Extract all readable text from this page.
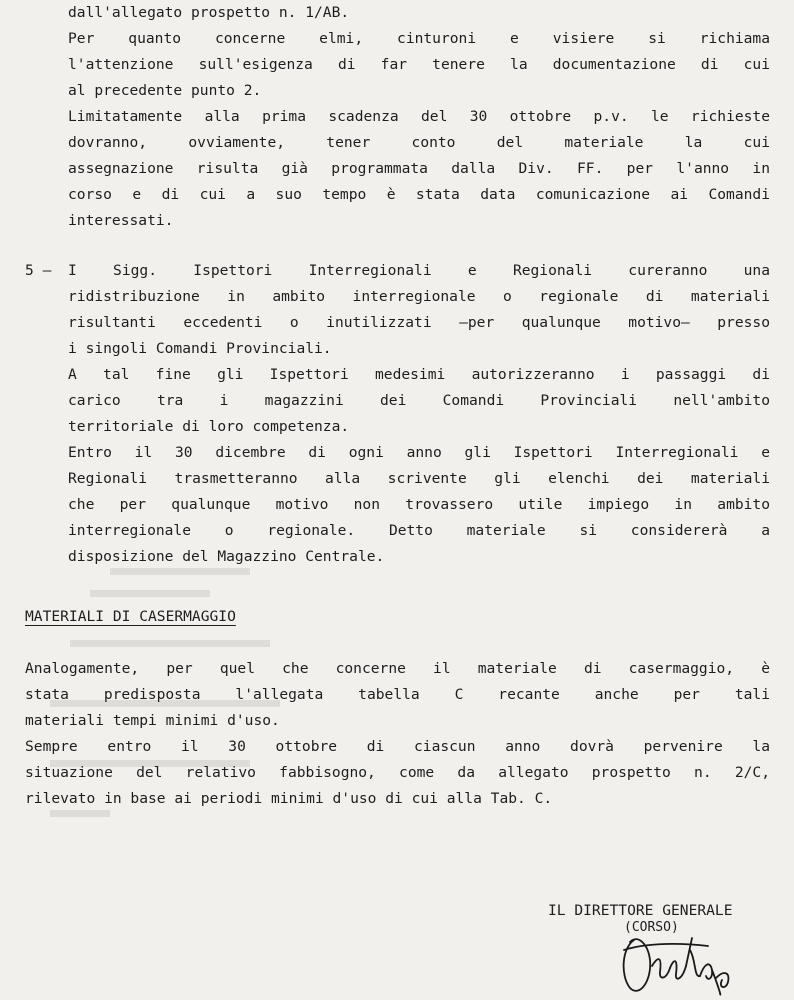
dall'allegato prospetto n. 1/AB.
Per quanto concerne elmi, cinturoni e visiere si richiama
l'attenzione sull'esigenza di far tenere la documentazione di cui
al precedente punto 2.
Limitatamente alla prima scadenza del 30 ottobre p.v. le richieste
dovranno, ovviamente, tener conto del materiale la cui
assegnazione risulta già programmata dalla Div. FF. per l'anno in
corso e di cui a suo tempo è stata data comunicazione ai Comandi
interessati.
5 – I Sigg. Ispettori Interregionali e Regionali cureranno una
ridistribuzione in ambito interregionale o regionale di materiali
risultanti eccedenti o inutilizzati –per qualunque motivo– presso
i singoli Comandi Provinciali.
A tal fine gli Ispettori medesimi autorizzeranno i passaggi di
carico tra i magazzini dei Comandi Provinciali nell'ambito
territoriale di loro competenza.
Entro il 30 dicembre di ogni anno gli Ispettori Interregionali e
Regionali trasmetteranno alla scrivente gli elenchi dei materiali
che per qualunque motivo non trovassero utile impiego in ambito
interregionale o regionale. Detto materiale si considererà a
disposizione del Magazzino Centrale.
MATERIALI DI CASERMAGGIO
Analogamente, per quel che concerne il materiale di casermaggio, è
stata predisposta l'allegata tabella C recante anche per tali
materiali tempi minimi d'uso.
Sempre entro il 30 ottobre di ciascun anno dovrà pervenire la
situazione del relativo fabbisogno, come da allegato prospetto n. 2/C,
rilevato in base ai periodi minimi d'uso di cui alla Tab. C.
IL DIRETTORE GENERALE
(CORSO)
